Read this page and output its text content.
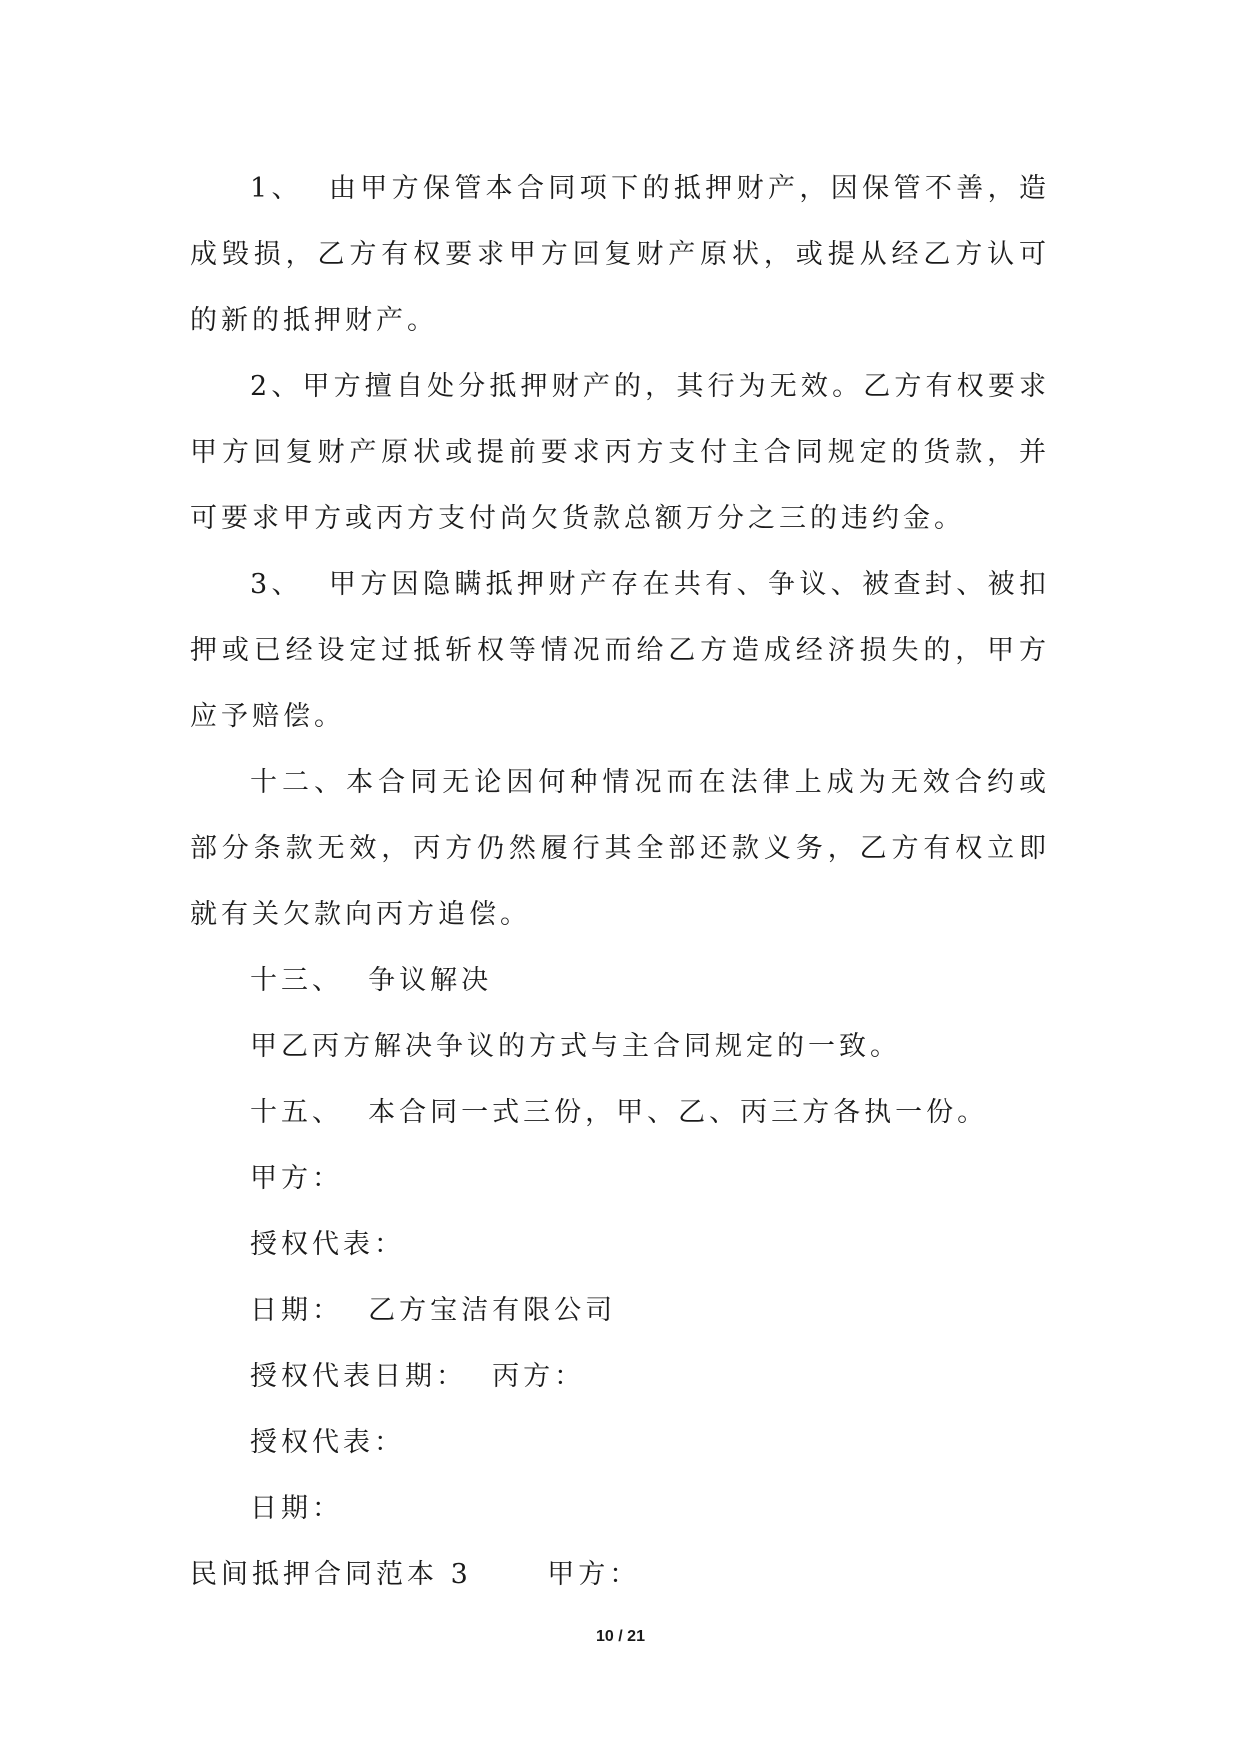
1、  由甲方保管本合同项下的抵押财产，因保管不善，造成毁损，乙方有权要求甲方回复财产原状，或提从经乙方认可的新的抵押财产。

2、甲方擅自处分抵押财产的，其行为无效。乙方有权要求甲方回复财产原状或提前要求丙方支付主合同规定的货款，并可要求甲方或丙方支付尚欠货款总额万分之三的违约金。

3、  甲方因隐瞒抵押财产存在共有、争议、被查封、被扣押或已经设定过抵斩权等情况而给乙方造成经济损失的，甲方应予赔偿。

十二、本合同无论因何种情况而在法律上成为无效合约或部分条款无效，丙方仍然履行其全部还款义务，乙方有权立即就有关欠款向丙方追偿。

十三、  争议解决

甲乙丙方解决争议的方式与主合同规定的一致。

十五、  本合同一式三份，甲、乙、丙三方各执一份。

甲方：

授权代表：

日期：  乙方宝洁有限公司

授权代表日期：  丙方：

授权代表：

日期：

民间抵押合同范本 3      甲方：

10 / 21
